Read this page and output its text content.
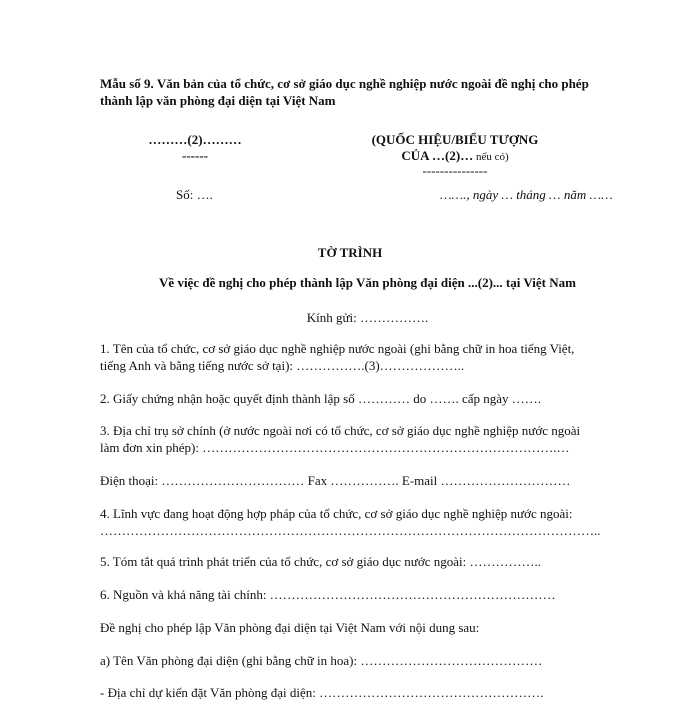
Mẫu số 9. Văn bản của tổ chức, cơ sở giáo dục nghề nghiệp nước ngoài đề nghị cho phép
thành lập văn phòng đại diện tại Việt Nam
………(2)………
------
(QUỐC HIỆU/BIỂU TƯỢNG
CỦA …(2)… nếu có)
---------------
Số: ….	……., ngày … tháng … năm ……
TỜ TRÌNH
Về việc đề nghị cho phép thành lập Văn phòng đại diện ...(2)... tại Việt Nam
Kính gửi: …………….
1. Tên của tổ chức, cơ sở giáo dục nghề nghiệp nước ngoài (ghi bằng chữ in hoa tiếng Việt,
tiếng Anh và bằng tiếng nước sở tại): …………….(3)………………..
2. Giấy chứng nhận hoặc quyết định thành lập số ………… do ……. cấp ngày …….
3. Địa chỉ trụ sở chính (ở nước ngoài nơi có tổ chức, cơ sở giáo dục nghề nghiệp nước ngoài
làm đơn xin phép): ……………………………………………………………………….…
Điện thoại: …………………………… Fax ……………. E-mail …………………………
4. Lĩnh vực đang hoạt động hợp pháp của tổ chức, cơ sở giáo dục nghề nghiệp nước ngoài:
……………………………………………………………………………………………………..
5. Tóm tắt quá trình phát triển của tổ chức, cơ sở giáo dục nước ngoài: ……………..
6. Nguồn và khả năng tài chính: …………………………………………………………
Đề nghị cho phép lập Văn phòng đại diện tại Việt Nam với nội dung sau:
a) Tên Văn phòng đại diện (ghi bằng chữ in hoa): ……………………………………
- Địa chỉ dự kiến đặt Văn phòng đại diện: …………………………………………….
